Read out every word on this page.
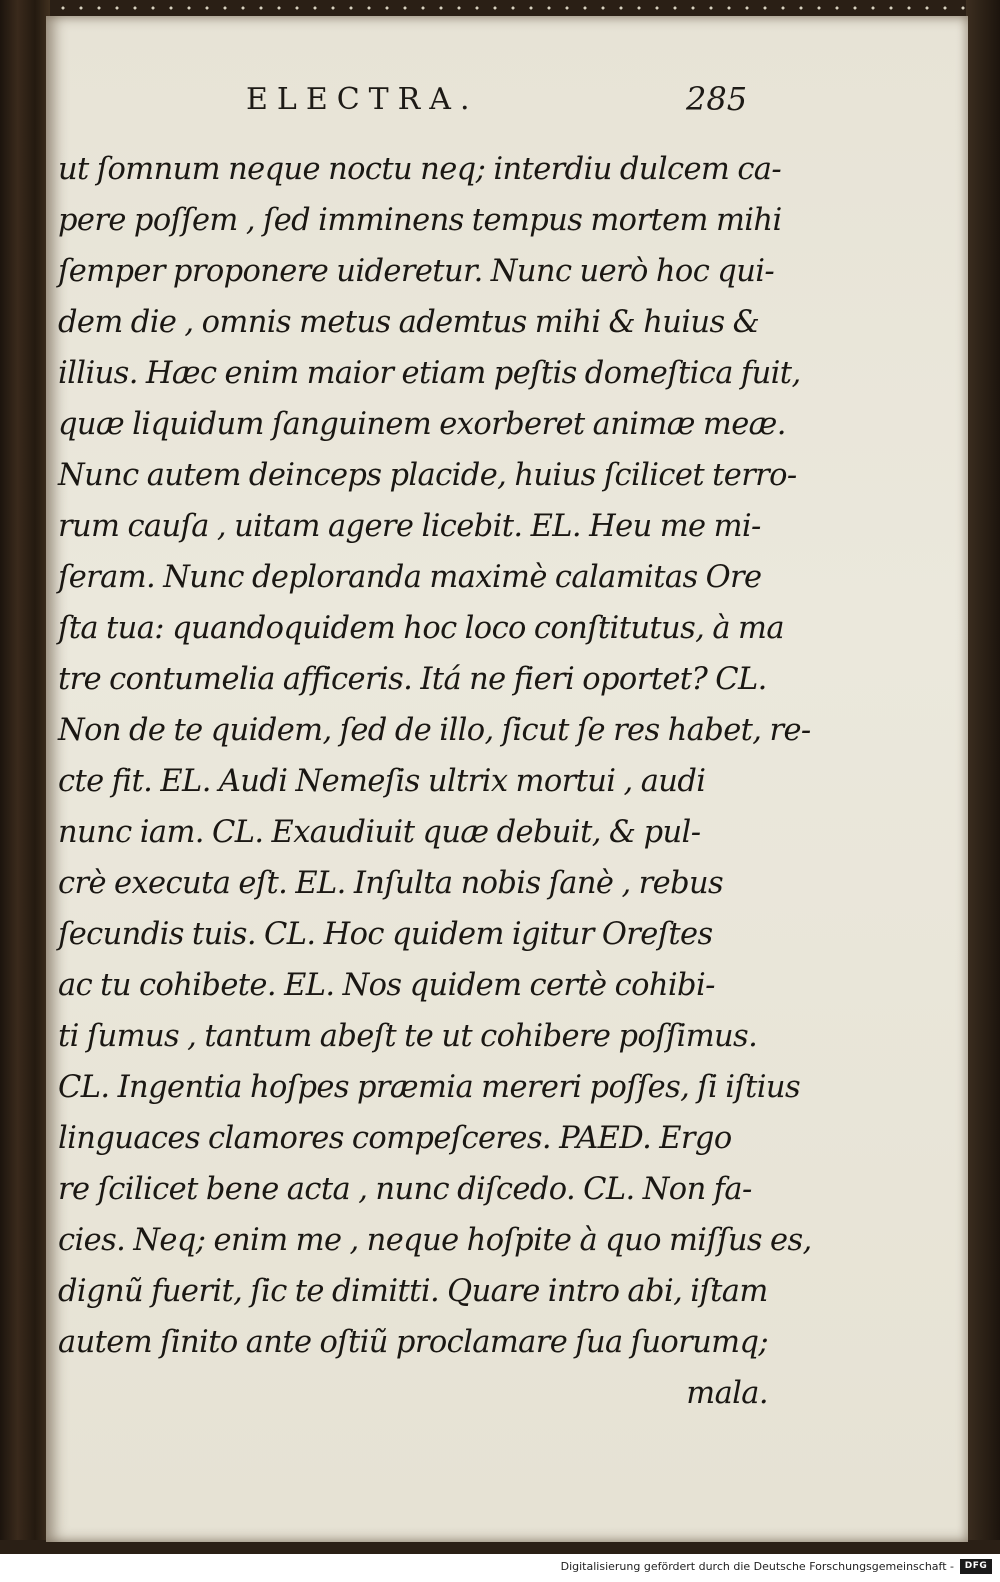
ELECTRA.	285
ut ſomnum neque noctu neq; interdiu dulcem ca-
pere poſſem , ſed imminens tempus mortem mihi
ſemper proponere uideretur. Nunc uerò hoc qui-
dem die , omnis metus ademtus mihi & huius &
illius. Hæc enim maior etiam peſtis domeſtica fuit,
quæ liquidum ſanguinem exorberet animæ meæ.
Nunc autem deinceps placide, huius ſcilicet terro-
rum cauſa , uitam agere licebit. EL. Heu me mi-
ſeram. Nunc deploranda maximè calamitas Ore
ſta tua: quandoquidem hoc loco conſtitutus, à ma
tre contumelia afficeris. Itá ne fieri oportet? CL.
Non de te quidem, ſed de illo, ſicut ſe res habet, re-
cte fit. EL. Audi Nemeſis ultrix mortui , audi
nunc iam. CL. Exaudiuit quæ debuit, & pul-
crè executa eſt. EL. Inſulta nobis ſanè , rebus
ſecundis tuis. CL. Hoc quidem igitur Oreſtes
ac tu cohibete. EL. Nos quidem certè cohibi-
ti ſumus , tantum abeſt te ut cohibere poſſimus.
CL. Ingentia hoſpes præmia mereri poſſes, ſi iſtius
linguaces clamores compeſceres. PAED. Ergo
re ſcilicet bene acta , nunc diſcedo. CL. Non fa-
cies. Neq; enim me , neque hoſpite à quo miſſus es,
dignũ fuerit, ſic te dimitti. Quare intro abi, iſtam
autem ſinito ante oſtiũ proclamare ſua ſuorumq;
mala.
Digitalisierung gefördert durch die Deutsche Forschungsgemeinschaft -	DFG
